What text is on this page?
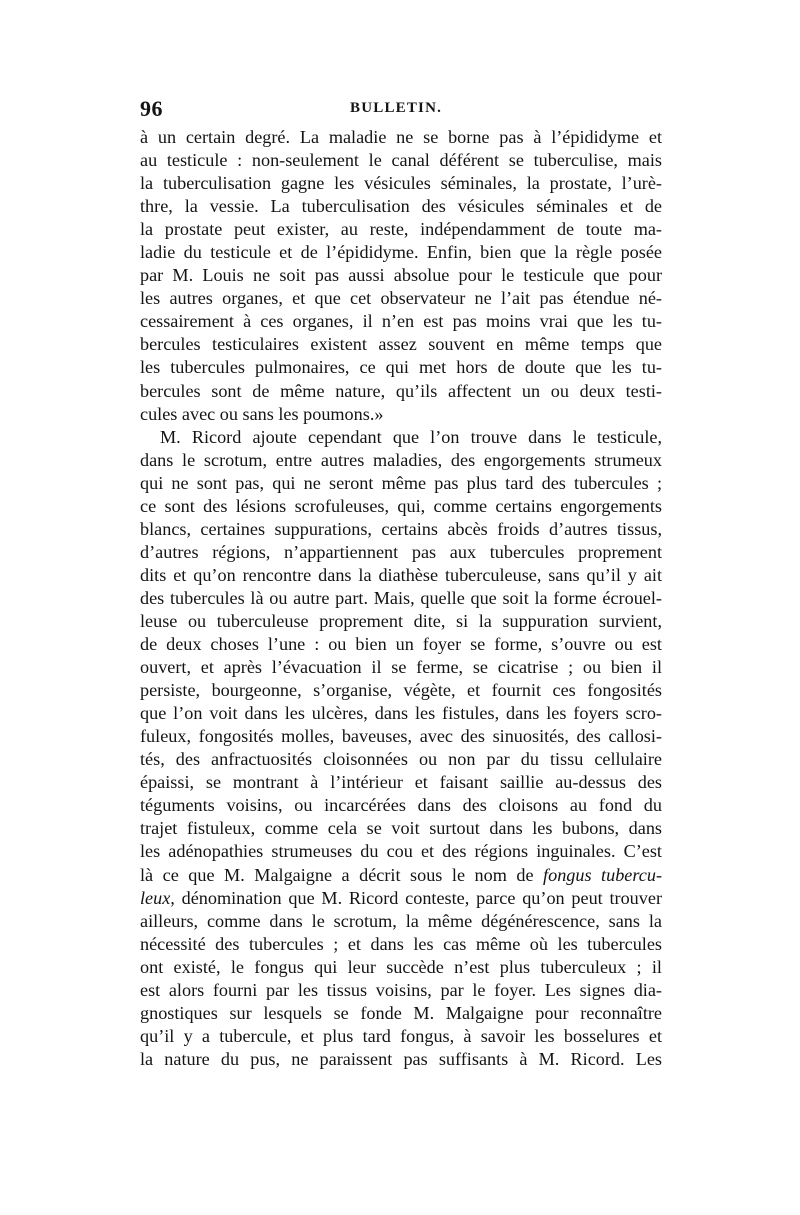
96	BULLETIN.
à un certain degré. La maladie ne se borne pas à l’épididyme et
au testicule : non-seulement le canal déférent se tuberculise, mais
la tuberculisation gagne les vésicules séminales, la prostate, l’urè-
thre, la vessie. La tuberculisation des vésicules séminales et de
la prostate peut exister, au reste, indépendamment de toute ma-
ladie du testicule et de l’épididyme. Enfin, bien que la règle posée
par M. Louis ne soit pas aussi absolue pour le testicule que pour
les autres organes, et que cet observateur ne l’ait pas étendue né-
cessairement à ces organes, il n’en est pas moins vrai que les tu-
bercules testiculaires existent assez souvent en même temps que
les tubercules pulmonaires, ce qui met hors de doute que les tu-
bercules sont de même nature, qu’ils affectent un ou deux testi-
cules avec ou sans les poumons.»
M. Ricord ajoute cependant que l’on trouve dans le testicule,
dans le scrotum, entre autres maladies, des engorgements strumeux
qui ne sont pas, qui ne seront même pas plus tard des tubercules ;
ce sont des lésions scrofuleuses, qui, comme certains engorgements
blancs, certaines suppurations, certains abcès froids d’autres tissus,
d’autres régions, n’appartiennent pas aux tubercules proprement
dits et qu’on rencontre dans la diathèse tuberculeuse, sans qu’il y ait
des tubercules là ou autre part. Mais, quelle que soit la forme écrouel-
leuse ou tuberculeuse proprement dite, si la suppuration survient,
de deux choses l’une : ou bien un foyer se forme, s’ouvre ou est
ouvert, et après l’évacuation il se ferme, se cicatrise ; ou bien il
persiste, bourgeonne, s’organise, végète, et fournit ces fongosités
que l’on voit dans les ulcères, dans les fistules, dans les foyers scro-
fuleux, fongosités molles, baveuses, avec des sinuosités, des callosi-
tés, des anfractuosités cloisonnées ou non par du tissu cellulaire
épaissi, se montrant à l’intérieur et faisant saillie au-dessus des
téguments voisins, ou incarcérées dans des cloisons au fond du
trajet fistuleux, comme cela se voit surtout dans les bubons, dans
les adénopathies strumeuses du cou et des régions inguinales. C’est
là ce que M. Malgaigne a décrit sous le nom de fongus tubercu-
leux, dénomination que M. Ricord conteste, parce qu’on peut trouver
ailleurs, comme dans le scrotum, la même dégénérescence, sans la
nécessité des tubercules ; et dans les cas même où les tubercules
ont existé, le fongus qui leur succède n’est plus tuberculeux ; il
est alors fourni par les tissus voisins, par le foyer. Les signes dia-
gnostiques sur lesquels se fonde M. Malgaigne pour reconnaître
qu’il y a tubercule, et plus tard fongus, à savoir les bosselures et
la nature du pus, ne paraissent pas suffisants à M. Ricord. Les
